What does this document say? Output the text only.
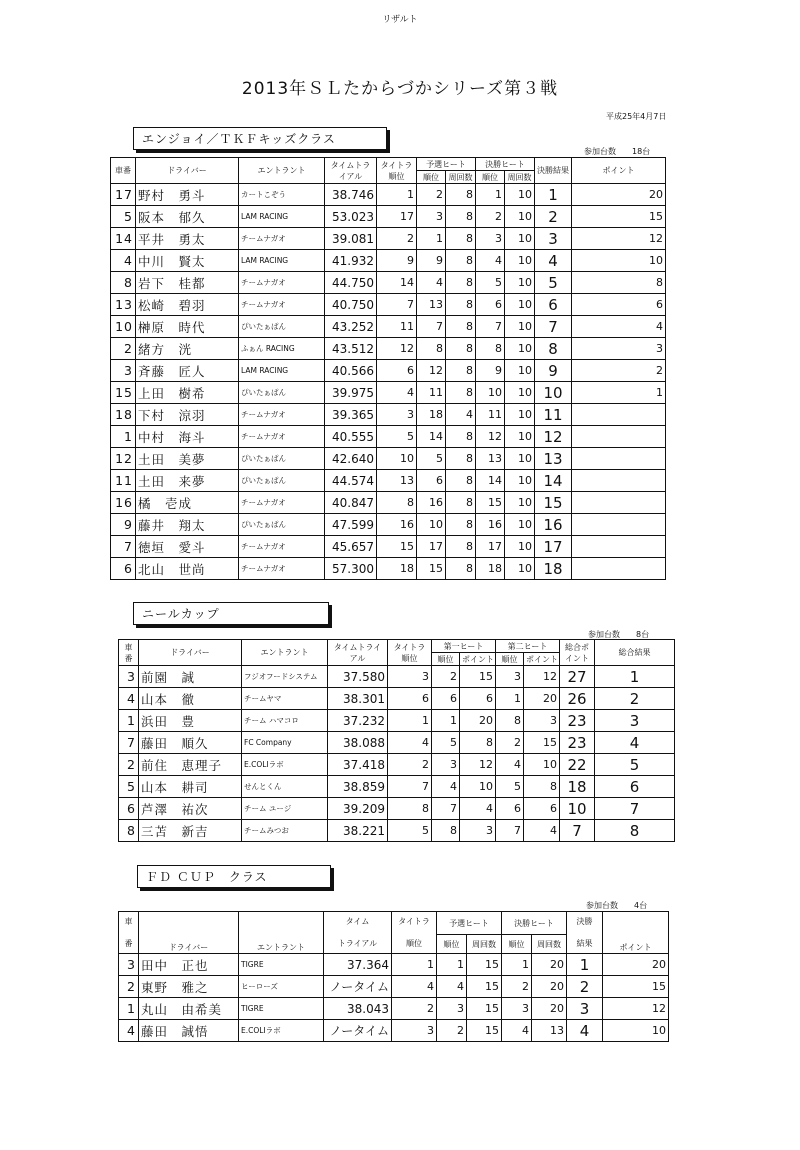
リザルト
2013年ＳＬたからづかシリーズ第３戦
平成25年4月7日
エンジョイ／ＴＫＦキッズクラス
参加台数　　 18台
車番	ドライバー	エントラント	タイムトライアル	タイトラ順位	予選ヒート		決勝ヒート		決勝結果	ポイント
					順位	周回数	順位	周回数		
17	野村　勇斗	カートこぞう	38.746	1	2	8	1	10	1	20
5	阪本　郁久	LAM RACING	53.023	17	3	8	2	10	2	15
14	平井　勇太	チームナガオ	39.081	2	1	8	3	10	3	12
4	中川　賢太	LAM RACING	41.932	9	9	8	4	10	4	10
8	岩下　桂都	チームナガオ	44.750	14	4	8	5	10	5	8
13	松崎　碧羽	チームナガオ	40.750	7	13	8	6	10	6	6
10	榊原　時代	ぴいたぁぱん	43.252	11	7	8	7	10	7	4
2	緒方　洸	ふぁん RACING	43.512	12	8	8	8	10	8	3
3	斉藤　匠人	LAM RACING	40.566	6	12	8	9	10	9	2
15	上田　樹希	ぴいたぁぱん	39.975	4	11	8	10	10	10	1
18	下村　涼羽	チームナガオ	39.365	3	18	4	11	10	11	
1	中村　海斗	チームナガオ	40.555	5	14	8	12	10	12	
12	土田　美夢	ぴいたぁぱん	42.640	10	5	8	13	10	13	
11	土田　来夢	ぴいたぁぱん	44.574	13	6	8	14	10	14	
16	橘　壱成	チームナガオ	40.847	8	16	8	15	10	15	
9	藤井　翔太	ぴいたぁぱん	47.599	16	10	8	16	10	16	
7	徳垣　愛斗	チームナガオ	45.657	15	17	8	17	10	17	
6	北山　世尚	チームナガオ	57.300	18	15	8	18	10	18	
ニールカップ
参加台数　　 8台
車番	ドライバー	エントラント	タイムトライアル	タイトラ順位	第一ヒート		第二ヒート		総合ポイント	総合結果
					順位	ポイント	順位	ポイント		
3	前園　誠	フジオフードシステム	37.580	3	2	15	3	12	27	1
4	山本　徹	チームヤマ	38.301	6	6	6	1	20	26	2
1	浜田　豊	チーム ハマコロ	37.232	1	1	20	8	3	23	3
7	藤田　順久	FC Company	38.088	4	5	8	2	15	23	4
2	前住　恵理子	E.COLIラボ	37.418	2	3	12	4	10	22	5
5	山本　耕司	せんとくん	38.859	7	4	10	5	8	18	6
6	芦澤　祐次	チーム ユージ	39.209	8	7	4	6	6	10	7
8	三苫　新吉	チームみつお	38.221	5	8	3	7	4	7	8
ＦＤ ＣＵＰ　クラス
参加台数　　 4台
車

番	ドライバー	エントラント	タイム

トライアル	タイトラ

順位	予選ヒート		決勝ヒート		決勝

結果	ポイント
					順位	周回数	順位	周回数		
3	田中　正也	TIGRE	37.364	1	1	15	1	20	1	20
2	東野　雅之	ヒーローズ	ノータイム	4	4	15	2	20	2	15
1	丸山　由希美	TIGRE	38.043	2	3	15	3	20	3	12
4	藤田　誠悟	E.COLIラボ	ノータイム	3	2	15	4	13	4	10
